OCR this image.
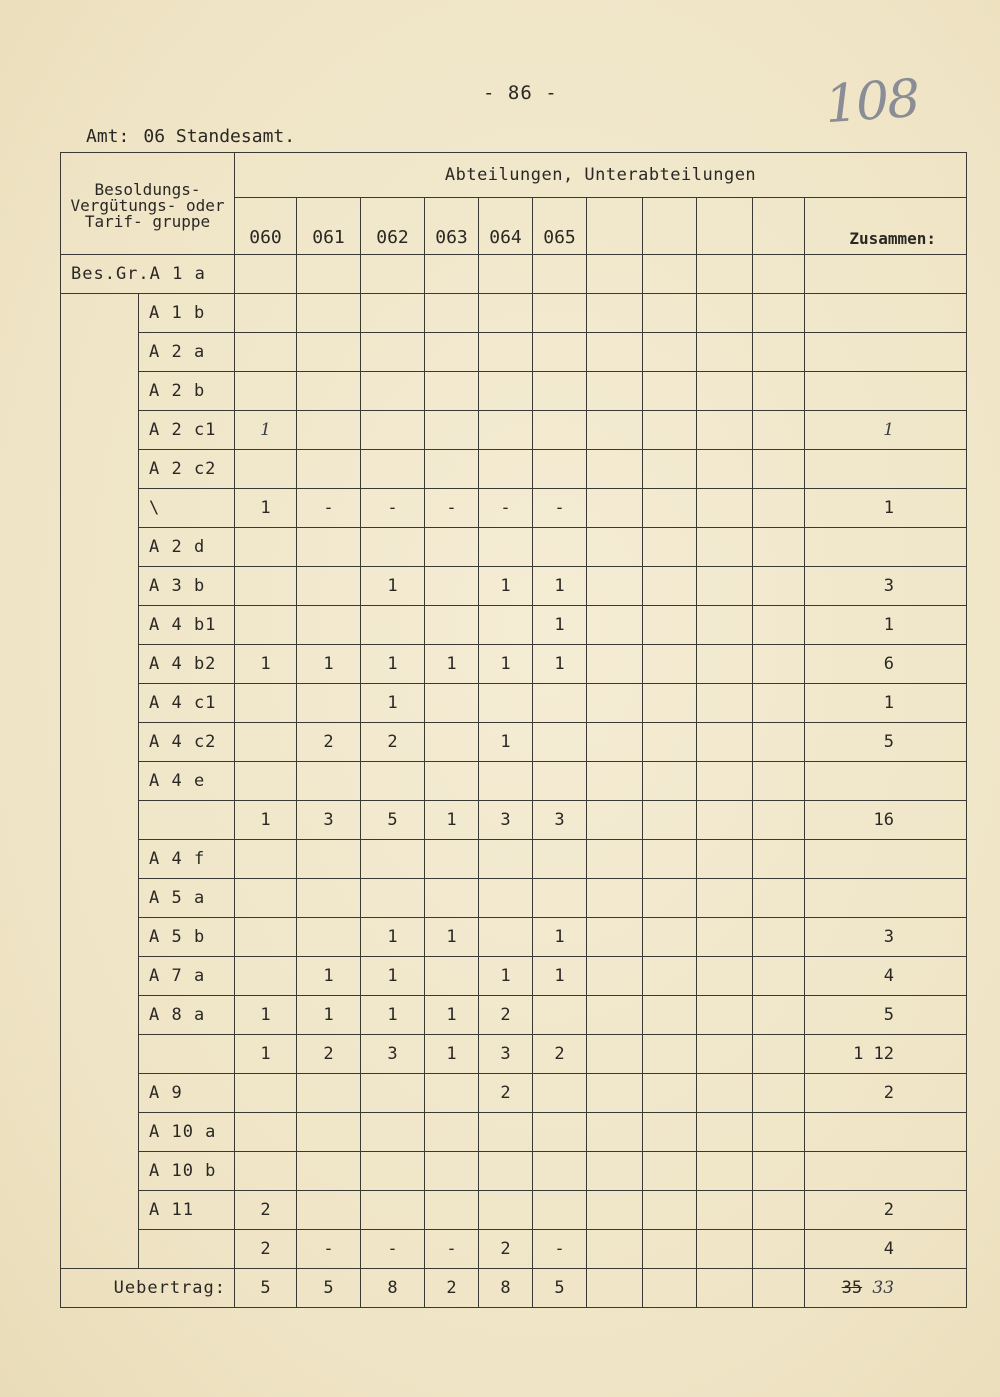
- 86 -	108
Amt: 06 Standesamt.
Besoldungs- Vergütungs- oder Tarif- gruppe		Abteilungen, Unterabteilungen										
		060	061	062	063	064	065					Zusammen:
Bes.Gr.A 1 a												
	A 1 b											
	A 2 a											
	A 2 b											
	A 2 c1	1										1
	A 2 c2											
	\	1	-	-	-	-	-					1
	A 2 d											
	A 3 b			1		1	1					3
	A 4 b1						1					1
	A 4 b2	1	1	1	1	1	1					6
	A 4 c1			1								1
	A 4 c2		2	2		1						5
	A 4 e											
		1	3	5	1	3	3					16
	A 4 f											
	A 5 a											
	A 5 b			1	1		1					3
	A 7 a		1	1		1	1					4
	A 8 a	1	1	1	1	2						5
		1	2	3	1	3	2					1 12
	A 9					2						2
	A 10 a											
	A 10 b											
	A 11	2										2
		2	-	-	-	2	-					4
Uebertrag:		5	5	8	2	8	5					35 33
